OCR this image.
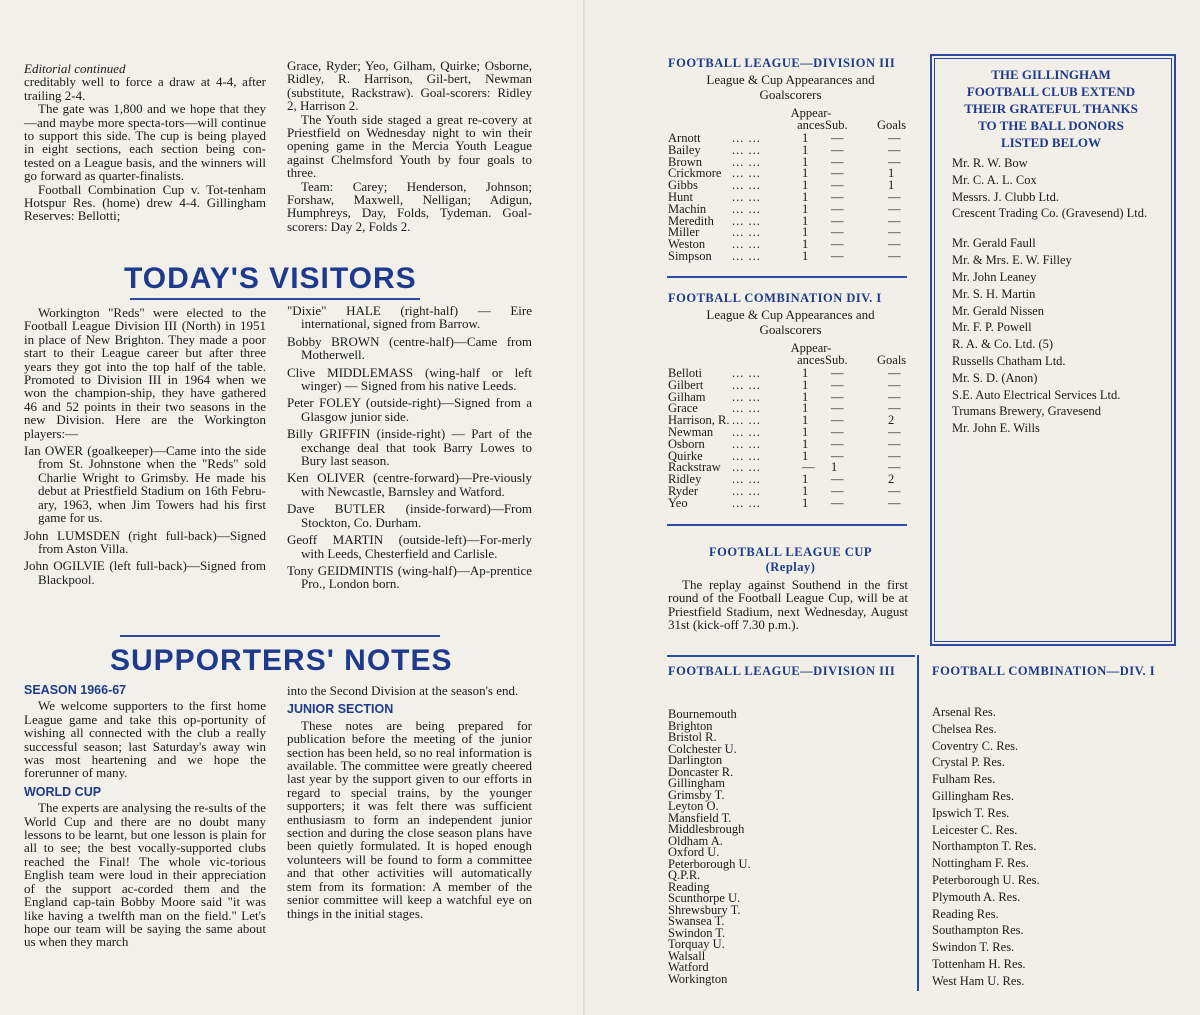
Editorial continued

creditably well to force a draw at 4-4, after trailing 2-4.

The gate was 1,800 and we hope that they—and maybe more specta-tors—will continue to support this side. The cup is being played in eight sections, each section being con-tested on a League basis, and the winners will go forward as quarter-finalists.

Football Combination Cup v. Tot-tenham Hotspur Res. (home) drew 4-4. Gillingham Reserves: Bellotti;

Grace, Ryder; Yeo, Gilham, Quirke; Osborne, Ridley, R. Harrison, Gil-bert, Newman (substitute, Rackstraw). Goal-scorers: Ridley 2, Harrison 2.

The Youth side staged a great re-covery at Priestfield on Wednesday night to win their opening game in the Mercia Youth League against Chelmsford Youth by four goals to three.

Team: Carey; Henderson, Johnson; Forshaw, Maxwell, Nelligan; Adigun, Humphreys, Day, Folds, Tydeman. Goal-scorers: Day 2, Folds 2.

TODAY'S VISITORS

Workington "Reds" were elected to the Football League Division III (North) in 1951 in place of New Brighton. They made a poor start to their League career but after three years they got into the top half of the table. Promoted to Division III in 1964 when we won the champion-ship, they have gathered 46 and 52 points in their two seasons in the new Division. Here are the Workington players:—

Ian OWER (goalkeeper)—Came into the side from St. Johnstone when the "Reds" sold Charlie Wright to Grimsby. He made his debut at Priestfield Stadium on 16th Febru-ary, 1963, when Jim Towers had his first game for us.

John LUMSDEN (right full-back)—Signed from Aston Villa.

John OGILVIE (left full-back)—Signed from Blackpool.

"Dixie" HALE (right-half) — Eire international, signed from Barrow.

Bobby BROWN (centre-half)—Came from Motherwell.

Clive MIDDLEMASS (wing-half or left winger) — Signed from his native Leeds.

Peter FOLEY (outside-right)—Signed from a Glasgow junior side.

Billy GRIFFIN (inside-right) — Part of the exchange deal that took Barry Lowes to Bury last season.

Ken OLIVER (centre-forward)—Pre-viously with Newcastle, Barnsley and Watford.

Dave BUTLER (inside-forward)—From Stockton, Co. Durham.

Geoff MARTIN (outside-left)—For-merly with Leeds, Chesterfield and Carlisle.

Tony GEIDMINTIS (wing-half)—Ap-prentice Pro., London born.

SUPPORTERS' NOTES

SEASON 1966-67

We welcome supporters to the first home League game and take this op-portunity of wishing all connected with the club a really successful season; last Saturday's away win was most heartening and we hope the forerunner of many.

WORLD CUP

The experts are analysing the re-sults of the World Cup and there are no doubt many lessons to be learnt, but one lesson is plain for all to see; the best vocally-supported clubs reached the Final! The whole vic-torious English team were loud in their appreciation of the support ac-corded them and the England cap-tain Bobby Moore said "it was like having a twelfth man on the field." Let's hope our team will be saying the same about us when they march

into the Second Division at the season's end.

JUNIOR SECTION

These notes are being prepared for publication before the meeting of the junior section has been held, so no real information is available. The committee were greatly cheered last year by the support given to our efforts in regard to special trains, by the younger supporters; it was felt there was sufficient enthusiasm to form an independent junior section and during the close season plans have been quietly formulated. It is hoped enough volunteers will be found to form a committee and that other activities will automatically stem from its formation: A member of the senior committee will keep a watchful eye on things in the initial stages.

FOOTBALL LEAGUE—DIVISION III
League & Cup Appearances and
Goalscorers
Appear-
ances Sub. Goals
Arnott	... ...	1 —	—
Bailey	... ...	1 —	—
Brown ... ...	1 —	—
Crickmore ... ...	1 —	1
Gibbs	... ...	1 —	1
Hunt	... ...	1 —	—
Machin ... ...	1 —	—
Meredith ... ...	1 —	—
Miller	... ...	1 —	—
Weston ... ...	1 —	—
Simpson ... ...	1 —	—
FOOTBALL COMBINATION DIV. I
League & Cup Appearances and
Goalscorers
Appear-
ances Sub. Goals
Belloti ... ...	1 —	—
Gilbert ... ...	1 —	—
Gilham ... ...	1 —	—
Grace	... ...	1 —	—
Harrison, R. ... ...	1 —	2
Newman ... ...	1 —	—
Osborn ... ...	1 —	—
Quirke ... ...	1 —	—
Rackstraw ... ...	— 1	—
Ridley ... ...	1 —	2
Ryder	... ...	1 —	—
Yeo	... ...	1 —	—
FOOTBALL LEAGUE CUP
(Replay)

The replay against Southend in the first round of the Football League Cup, will be at Priestfield Stadium, next Wednesday, August 31st (kick-off 7.30 p.m.).

THE GILLINGHAM
FOOTBALL CLUB EXTEND
THEIR GRATEFUL THANKS
TO THE BALL DONORS
LISTED BELOW
Mr. R. W. Bow
Mr. C. A. L. Cox
Messrs. J. Clubb Ltd.
Crescent Trading Co. (Gravesend) Ltd.
Mr. Gerald Faull
Mr. & Mrs. E. W. Filley
Mr. John Leaney
Mr. S. H. Martin
Mr. Gerald Nissen
Mr. F. P. Powell
R. A. & Co. Ltd. (5)
Russells Chatham Ltd.
Mr. S. D. (Anon)
S.E. Auto Electrical Services Ltd.
Trumans Brewery, Gravesend
Mr. John E. Wills
FOOTBALL LEAGUE—DIVISION III	FOOTBALL COMBINATION—DIV. I
Bournemouth
Brighton
Bristol R.
Colchester U.
Darlington
Doncaster R.
Gillingham
Grimsby T.
Leyton O.
Mansfield T.
Middlesbrough
Oldham A.
Oxford U.
Peterborough U.
Q.P.R.
Reading
Scunthorpe U.
Shrewsbury T.
Swansea T.
Swindon T.
Torquay U.
Walsall
Watford
Workington
Arsenal Res.
Chelsea Res.
Coventry C. Res.
Crystal P. Res.
Fulham Res.
Gillingham Res.
Ipswich T. Res.
Leicester C. Res.
Northampton T. Res.
Nottingham F. Res.
Peterborough U. Res.
Plymouth A. Res.
Reading Res.
Southampton Res.
Swindon T. Res.
Tottenham H. Res.
West Ham U. Res.
